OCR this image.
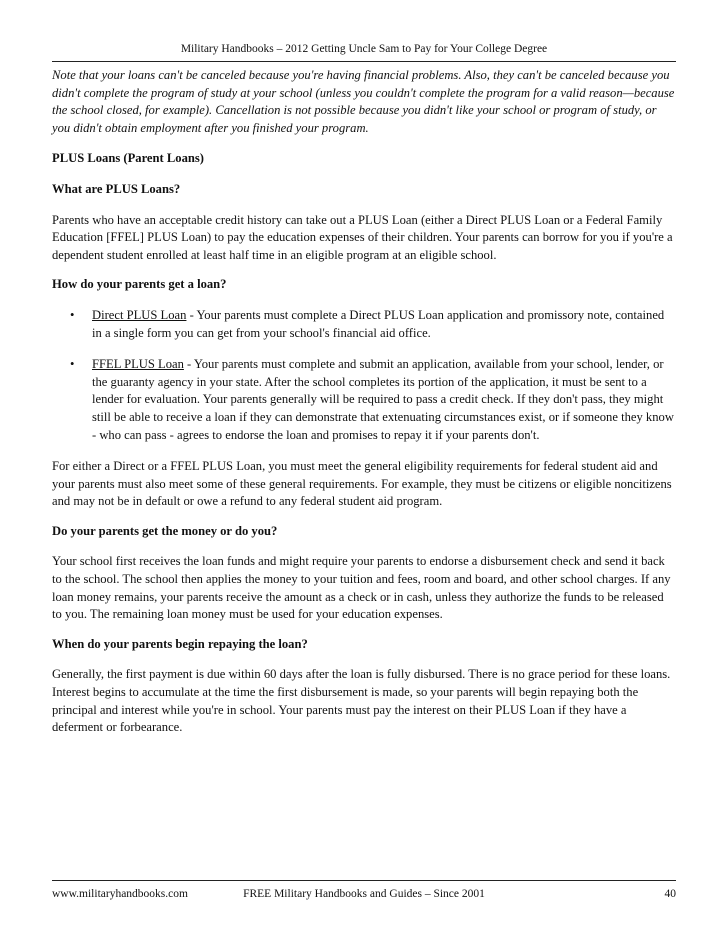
Military Handbooks – 2012 Getting Uncle Sam to Pay for Your College Degree

Note that your loans can't be canceled because you're having financial problems. Also, they can't be canceled because you didn't complete the program of study at your school (unless you couldn't complete the program for a valid reason—because the school closed, for example). Cancellation is not possible because you didn't like your school or program of study, or you didn't obtain employment after you finished your program.

PLUS Loans (Parent Loans)

What are PLUS Loans?

Parents who have an acceptable credit history can take out a PLUS Loan (either a Direct PLUS Loan or a Federal Family Education [FFEL] PLUS Loan) to pay the education expenses of their children. Your parents can borrow for you if you're a dependent student enrolled at least half time in an eligible program at an eligible school.

How do your parents get a loan?

• Direct PLUS Loan - Your parents must complete a Direct PLUS Loan application and promissory note, contained in a single form you can get from your school's financial aid office.
• FFEL PLUS Loan - Your parents must complete and submit an application, available from your school, lender, or the guaranty agency in your state. After the school completes its portion of the application, it must be sent to a lender for evaluation. Your parents generally will be required to pass a credit check. If they don't pass, they might still be able to receive a loan if they can demonstrate that extenuating circumstances exist, or if someone they know - who can pass - agrees to endorse the loan and promises to repay it if your parents don't.

For either a Direct or a FFEL PLUS Loan, you must meet the general eligibility requirements for federal student aid and your parents must also meet some of these general requirements. For example, they must be citizens or eligible noncitizens and may not be in default or owe a refund to any federal student aid program.

Do your parents get the money or do you?

Your school first receives the loan funds and might require your parents to endorse a disbursement check and send it back to the school. The school then applies the money to your tuition and fees, room and board, and other school charges. If any loan money remains, your parents receive the amount as a check or in cash, unless they authorize the funds to be released to you. The remaining loan money must be used for your education expenses.

When do your parents begin repaying the loan?

Generally, the first payment is due within 60 days after the loan is fully disbursed. There is no grace period for these loans. Interest begins to accumulate at the time the first disbursement is made, so your parents will begin repaying both the principal and interest while you're in school. Your parents must pay the interest on their PLUS Loan if they have a deferment or forbearance.

www.militaryhandbooks.com	FREE Military Handbooks and Guides – Since 2001	40
